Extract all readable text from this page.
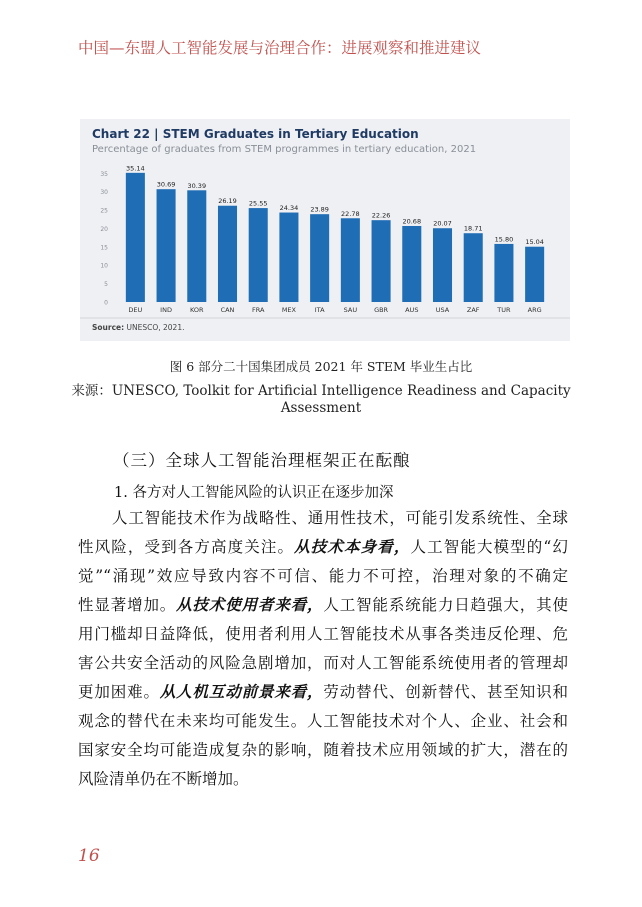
中国—东盟人工智能发展与治理合作：进展观察和推进建议
0
5
10
15
20
25
30
35
35.14
DEU
30.69
IND
30.39
KOR
26.19
CAN
25.55
FRA
24.34
MEX
23.89
ITA
22.78
SAU
22.26
GBR
20.68
AUS
20.07
USA
18.71
ZAF
15.80
TUR
15.04
ARG
Chart 22 | STEM Graduates in Tertiary Education
Percentage of graduates from STEM programmes in tertiary education, 2021
Source: UNESCO, 2021.
图 6 部分二十国集团成员 2021 年 STEM 毕业生占比
来源：UNESCO, Toolkit for Artificial Intelligence Readiness and Capacity
Assessment
（三）全球人工智能治理框架正在酝酿
1. 各方对人工智能风险的认识正在逐步加深
人工智能技术作为战略性、通用性技术，可能引发系统性、全球
性风险，受到各方高度关注。从技术本身看，人工智能大模型的“幻
觉”“涌现”效应导致内容不可信、能力不可控，治理对象的不确定
性显著增加。从技术使用者来看，人工智能系统能力日趋强大，其使
用门槛却日益降低，使用者利用人工智能技术从事各类违反伦理、危
害公共安全活动的风险急剧增加，而对人工智能系统使用者的管理却
更加困难。从人机互动前景来看，劳动替代、创新替代、甚至知识和
观念的替代在未来均可能发生。人工智能技术对个人、企业、社会和
国家安全均可能造成复杂的影响，随着技术应用领域的扩大，潜在的
风险清单仍在不断增加。
16
